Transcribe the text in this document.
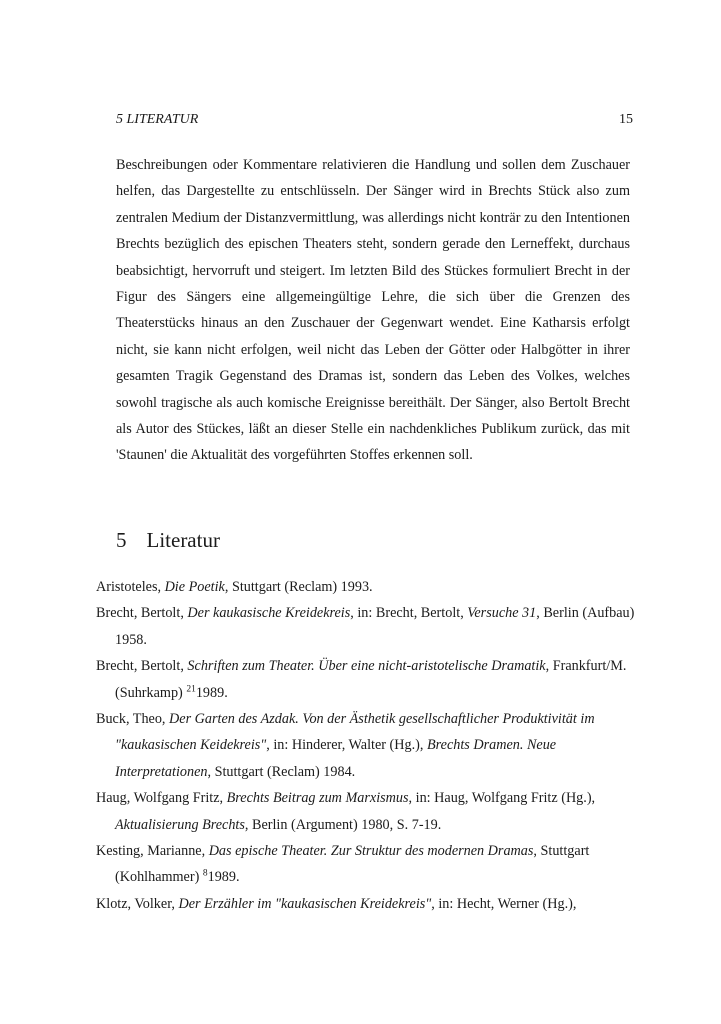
5 LITERATUR	15

Beschreibungen oder Kommentare relativieren die Handlung und sollen dem Zuschauer helfen, das Dargestellte zu entschlüsseln. Der Sänger wird in Brechts Stück also zum zentralen Medium der Distanzvermittlung, was allerdings nicht konträr zu den Intentionen Brechts bezüglich des epischen Theaters steht, sondern gerade den Lerneffekt, durchaus beabsichtigt, hervorruft und steigert. Im letzten Bild des Stückes formuliert Brecht in der Figur des Sängers eine allgemeingültige Lehre, die sich über die Grenzen des Theaterstücks hinaus an den Zuschauer der Gegenwart wendet. Eine Katharsis erfolgt nicht, sie kann nicht erfolgen, weil nicht das Leben der Götter oder Halbgötter in ihrer gesamten Tragik Gegenstand des Dramas ist, sondern das Leben des Volkes, welches sowohl tragische als auch komische Ereignisse bereithält. Der Sänger, also Bertolt Brecht als Autor des Stückes, läßt an dieser Stelle ein nachdenkliches Publikum zurück, das mit 'Staunen' die Aktualität des vorgeführten Stoffes erkennen soll.

5 Literatur

Aristoteles, Die Poetik, Stuttgart (Reclam) 1993.

Brecht, Bertolt, Der kaukasische Kreidekreis, in: Brecht, Bertolt, Versuche 31, Berlin (Aufbau) 1958.

Brecht, Bertolt, Schriften zum Theater. Über eine nicht-aristotelische Dramatik, Frankfurt/M. (Suhrkamp) $^{21}$1989.

Buck, Theo, Der Garten des Azdak. Von der Ästhetik gesellschaftlicher Produktivität im "kaukasischen Keidekreis", in: Hinderer, Walter (Hg.), Brechts Dramen. Neue Interpretationen, Stuttgart (Reclam) 1984.

Haug, Wolfgang Fritz, Brechts Beitrag zum Marxismus, in: Haug, Wolfgang Fritz (Hg.), Aktualisierung Brechts, Berlin (Argument) 1980, S. 7-19.

Kesting, Marianne, Das epische Theater. Zur Struktur des modernen Dramas, Stuttgart (Kohlhammer) $^8$1989.

Klotz, Volker, Der Erzähler im "kaukasischen Kreidekreis", in: Hecht, Werner (Hg.),
